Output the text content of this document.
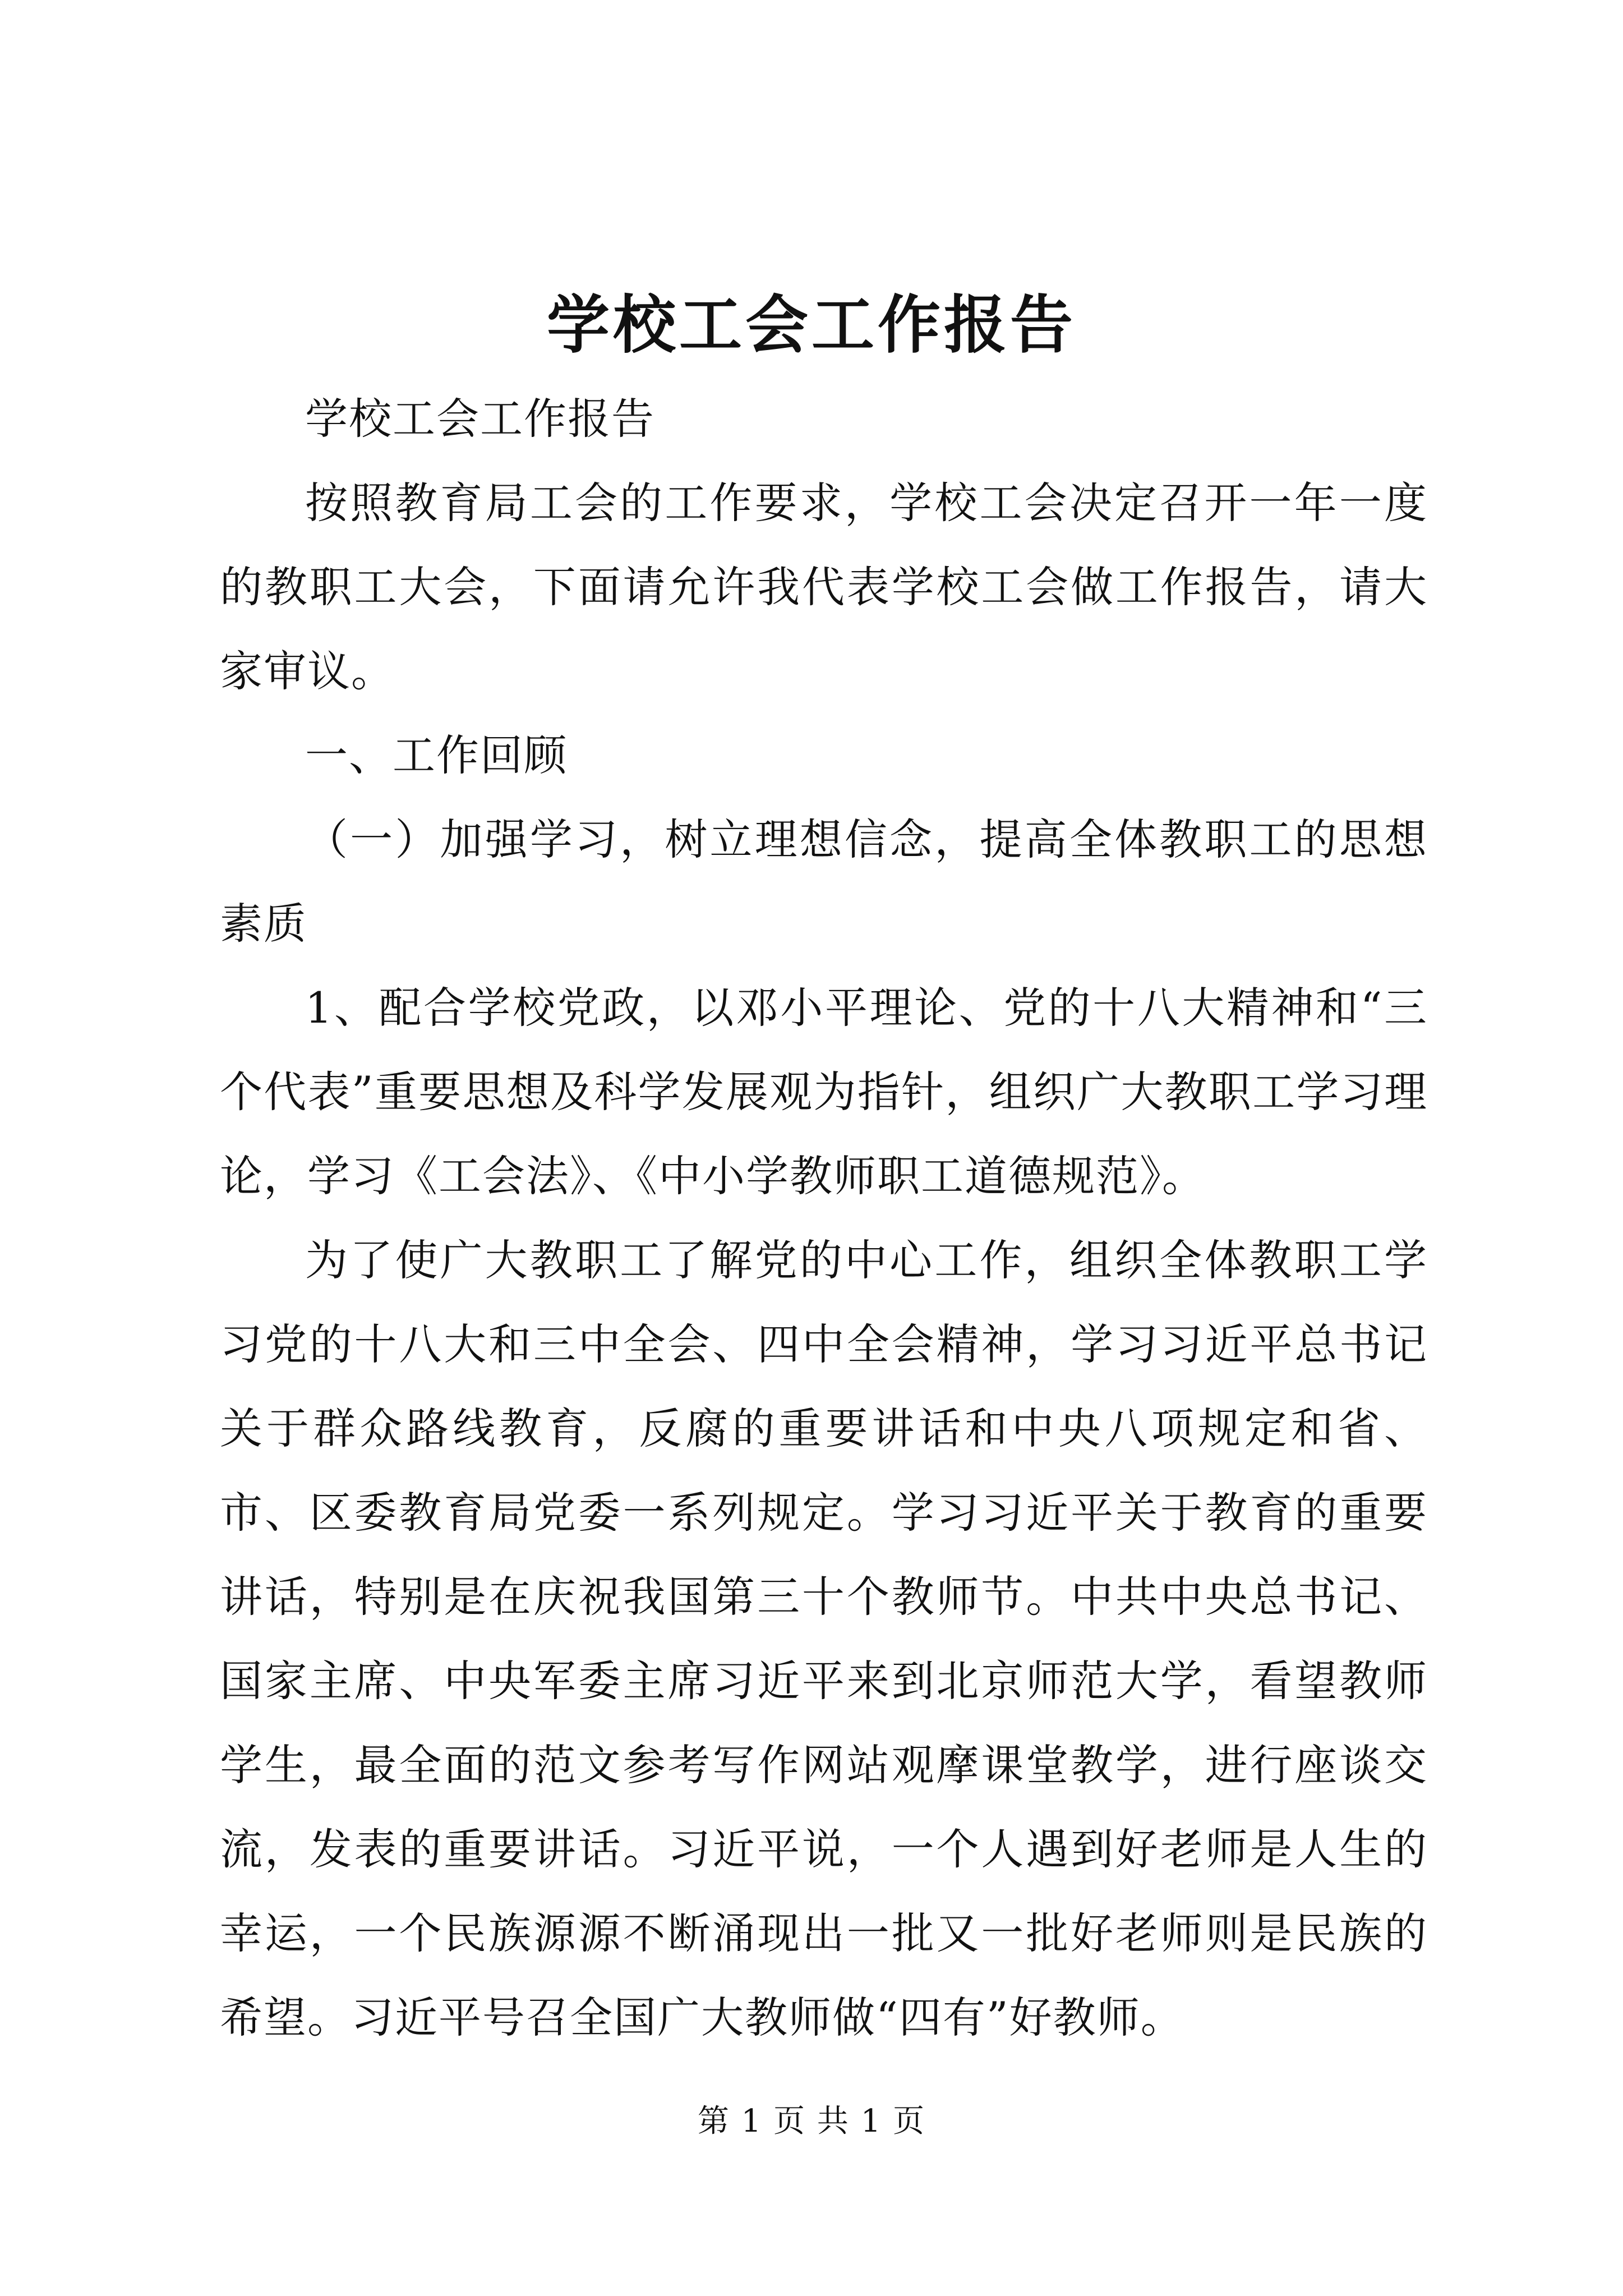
学校工会工作报告

学校工会工作报告

按照教育局工会的工作要求，学校工会决定召开一年一度的教职工大会，下面请允许我代表学校工会做工作报告，请大家审议。

一、工作回顾

（一）加强学习，树立理想信念，提高全体教职工的思想素质

1、配合学校党政，以邓小平理论、党的十八大精神和“三个代表”重要思想及科学发展观为指针，组织广大教职工学习理论，学习《工会法》、《中小学教师职工道德规范》。

为了使广大教职工了解党的中心工作，组织全体教职工学习党的十八大和三中全会、四中全会精神，学习习近平总书记关于群众路线教育，反腐的重要讲话和中央八项规定和省、市、区委教育局党委一系列规定。学习习近平关于教育的重要讲话，特别是在庆祝我国第三十个教师节。中共中央总书记、国家主席、中央军委主席习近平来到北京师范大学，看望教师学生，最全面的范文参考写作网站观摩课堂教学，进行座谈交流，发表的重要讲话。习近平说，一个人遇到好老师是人生的幸运，一个民族源源不断涌现出一批又一批好老师则是民族的希望。习近平号召全国广大教师做“四有”好教师。

第 1 页 共 1 页
